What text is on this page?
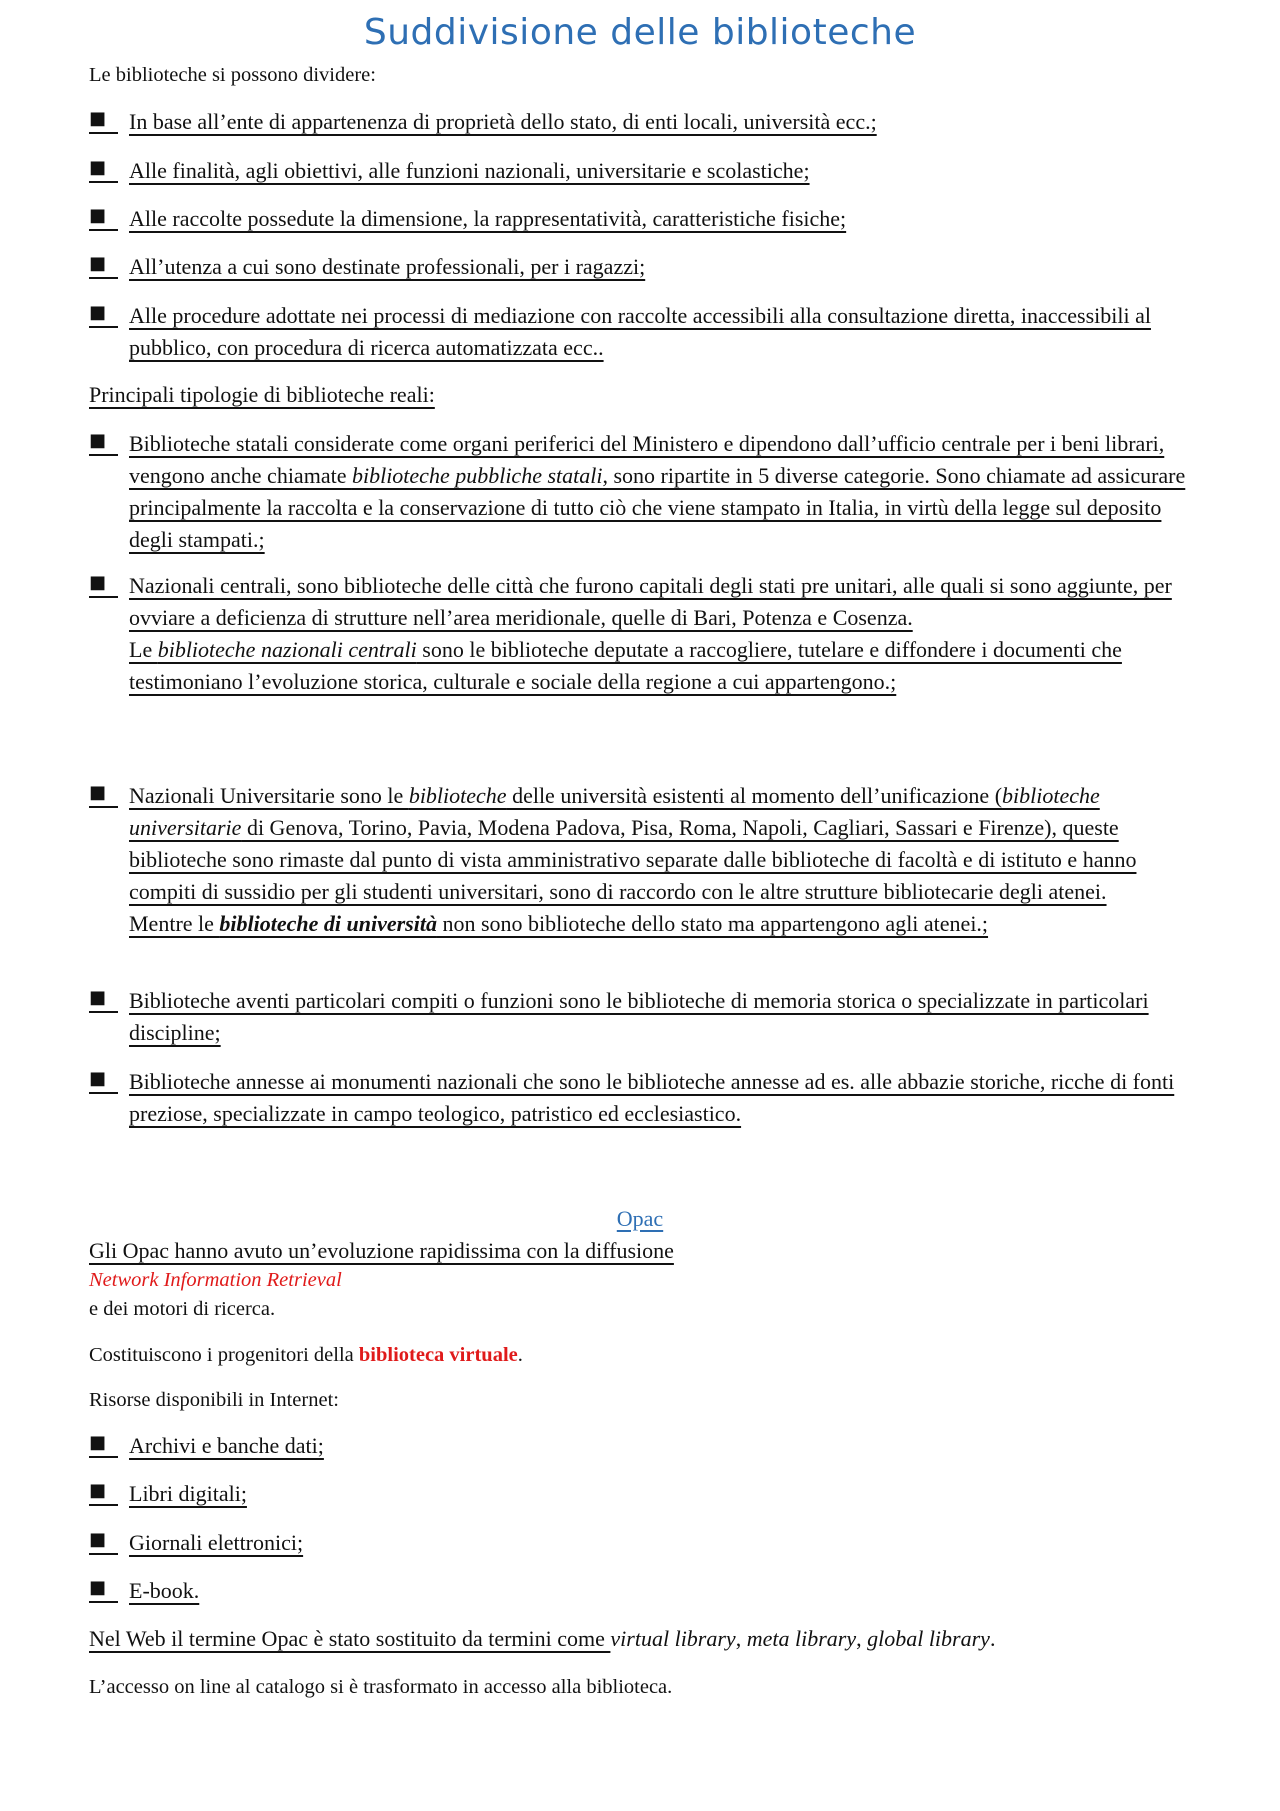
Suddivisione delle biblioteche
Le biblioteche si possono dividere:
■	In base all’ente di appartenenza di proprietà dello stato, di enti locali, università ecc.;
■	Alle finalità, agli obiettivi, alle funzioni nazionali, universitarie e scolastiche;
■	Alle raccolte possedute la dimensione, la rappresentatività, caratteristiche fisiche;
■	All’utenza a cui sono destinate professionali, per i ragazzi;
■	Alle procedure adottate nei processi di mediazione con raccolte accessibili alla consultazione diretta, inaccessibili al pubblico, con procedura di ricerca automatizzata ecc..
Principali tipologie di biblioteche reali:
■	Biblioteche statali considerate come organi periferici del Ministero e dipendono dall’ufficio centrale per i beni librari, vengono anche chiamate biblioteche pubbliche statali, sono ripartite in 5 diverse categorie. Sono chiamate ad assicurare principalmente la raccolta e la conservazione di tutto ciò che viene stampato in Italia, in virtù della legge sul deposito degli stampati.;
■	Nazionali centrali, sono biblioteche delle città che furono capitali degli stati pre unitari, alle quali si sono aggiunte, per ovviare a deficienza di strutture nell’area meridionale, quelle di Bari, Potenza e Cosenza.
Le biblioteche nazionali centrali sono le biblioteche deputate a raccogliere, tutelare e diffondere i documenti che testimoniano l’evoluzione storica, culturale e sociale della regione a cui appartengono.;
■	Nazionali Universitarie sono le biblioteche delle università esistenti al momento dell’unificazione (biblioteche universitarie di Genova, Torino, Pavia, Modena Padova, Pisa, Roma, Napoli, Cagliari, Sassari e Firenze), queste biblioteche sono rimaste dal punto di vista amministrativo separate dalle biblioteche di facoltà e di istituto e hanno compiti di sussidio per gli studenti universitari, sono di raccordo con le altre strutture bibliotecarie degli atenei.
Mentre le biblioteche di università non sono biblioteche dello stato ma appartengono agli atenei.;
■	Biblioteche aventi particolari compiti o funzioni sono le biblioteche di memoria storica o specializzate in particolari discipline;
■	Biblioteche annesse ai monumenti nazionali che sono le biblioteche annesse ad es. alle abbazie storiche, ricche di fonti preziose, specializzate in campo teologico, patristico ed ecclesiastico.
Opac
Gli Opac hanno avuto un’evoluzione rapidissima con la diffusione
Network Information Retrieval
e dei motori di ricerca.
Costituiscono i progenitori della biblioteca virtuale.
Risorse disponibili in Internet:
■	Archivi e banche dati;
■	Libri digitali;
■	Giornali elettronici;
■	E-book.
Nel Web il termine Opac è stato sostituito da termini come virtual library, meta library, global library.
L’accesso on line al catalogo si è trasformato in accesso alla biblioteca.
